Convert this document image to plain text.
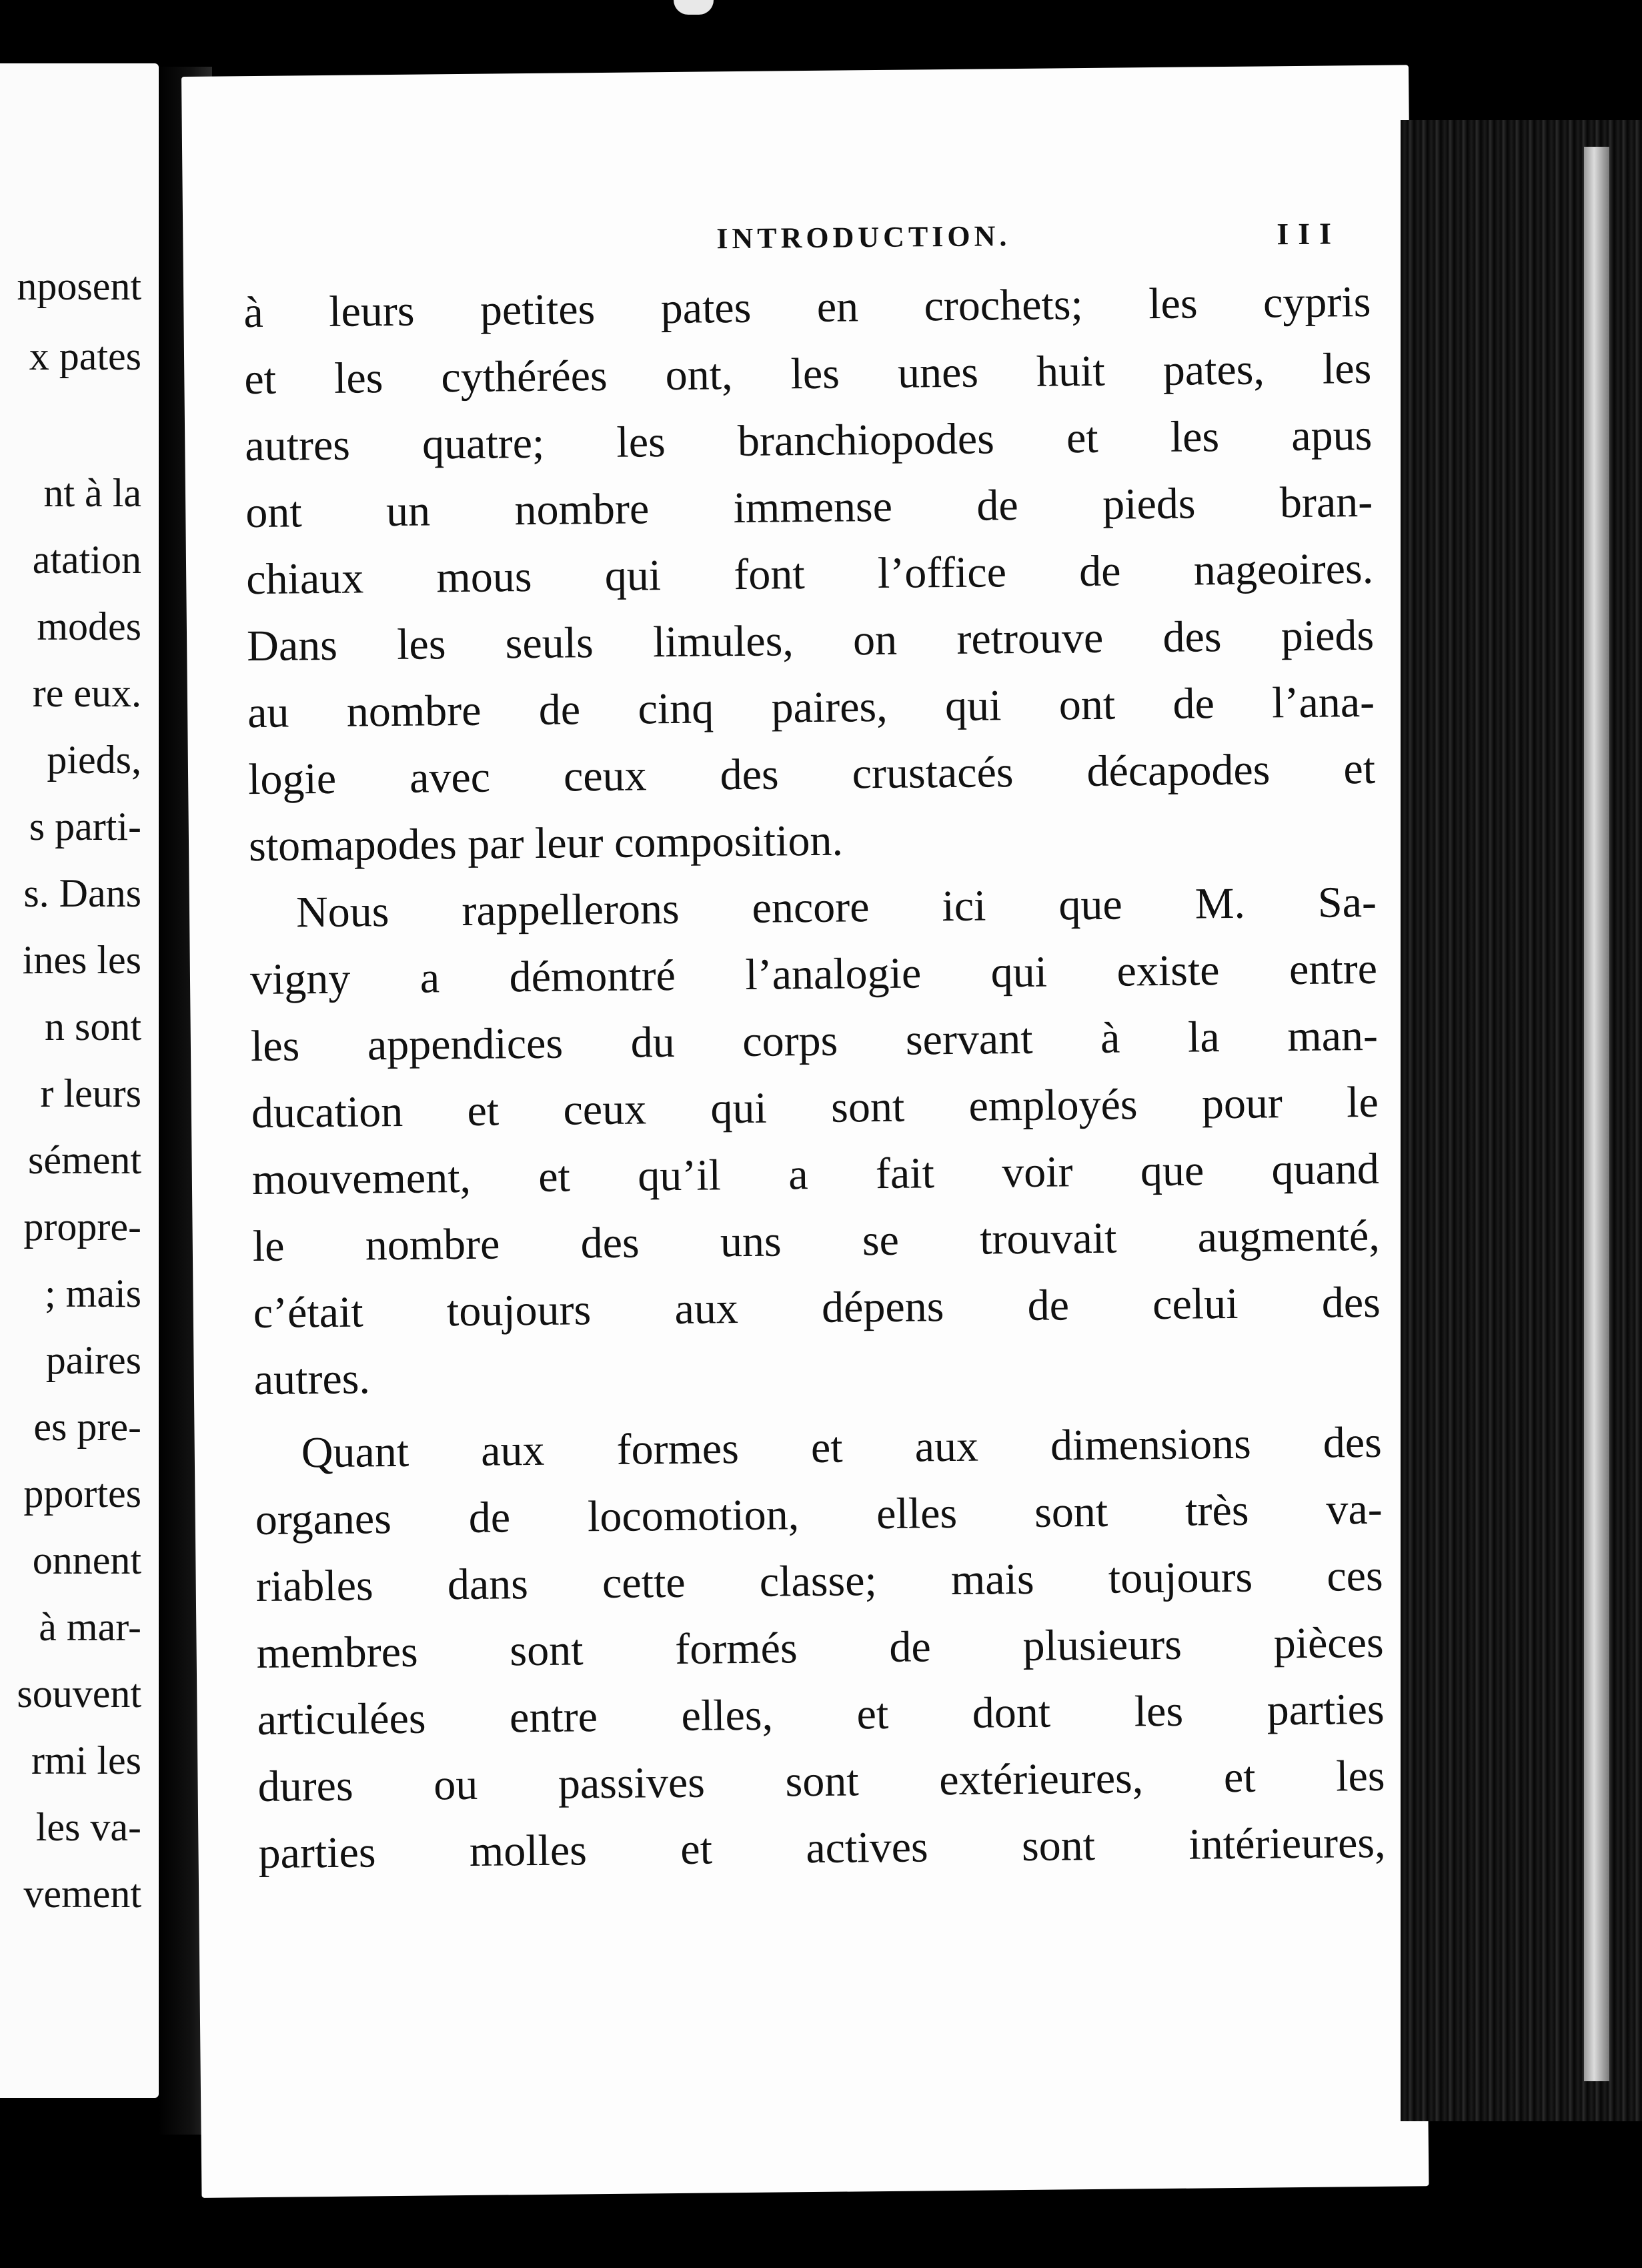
nposent
x pates
nt à la
atation
modes
re eux.
pieds,
s parti-
s. Dans
ines les
n sont
r leurs
sément
propre-
; mais
paires
es pre-
pportes
onnent
à mar-
souvent
rmi les
les va-
vement
INTRODUCTION.	III
à leurs petites pates en crochets; les cypris
et les cythérées ont, les unes huit pates, les
autres quatre; les branchiopodes et les apus
ont un nombre immense de pieds bran-
chiaux mous qui font l’office de nageoires.
Dans les seuls limules, on retrouve des pieds
au nombre de cinq paires, qui ont de l’ana-
logie avec ceux des crustacés décapodes et
stomapodes par leur composition.
Nous rappellerons encore ici que M. Sa-
vigny a démontré l’analogie qui existe entre
les appendices du corps servant à la man-
ducation et ceux qui sont employés pour le
mouvement, et qu’il a fait voir que quand
le nombre des uns se trouvait augmenté,
c’était toujours aux dépens de celui des
autres.
Quant aux formes et aux dimensions des
organes de locomotion, elles sont très va-
riables dans cette classe; mais toujours ces
membres sont formés de plusieurs pièces
articulées entre elles, et dont les parties
dures ou passives sont extérieures, et les
parties molles et actives sont intérieures,
